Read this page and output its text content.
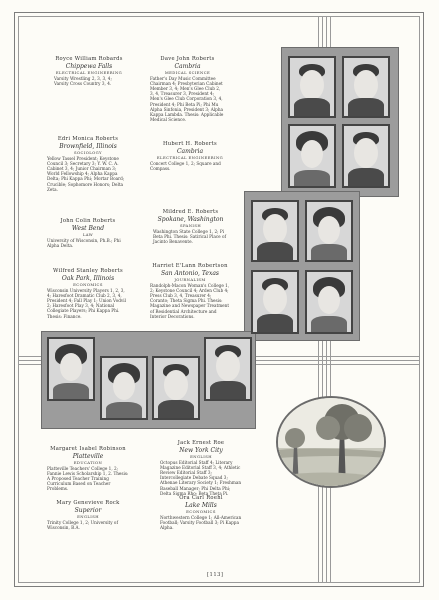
Royce William Robards
Chippewa Falls
ELECTRICAL ENGINEERING
Varsity Wrestling 2, 3, 3, 4; Varsity Cross Country 3, 4.
Dave John Roberts
Cambria
MEDICAL SCIENCE
Father's Day Music Committee Chairman 4; Presbyterian Cabinet Member 3, 4; Men's Glee Club 2, 3, 4, Treasurer 3, President 4; Men's Glee Club Corporation 3, 4, President 4; Phi Beta Pi; Phi Mu Alpha Sinfonia, President 3; Alpha Kappa Lambda. Thesis: Applicable Medical Science.
Edri Monica Roberts
Brownfield, Illinois
SOCIOLOGY
Yellow Tassel President; Keystone Council 3; Secretary 3; Y. W. C. A. Cabinet 3, 4; Junior Chairman 3; World Fellowship 4; Alpha Kappa Delta; Phi Kappa Phi; Mortar Board; Crucible; Sophomore Honors; Delta Zeta.
Hubert H. Roberts
Cambria
ELECTRICAL ENGINEERING
Concert College 1, 2; Square and Compass.
John Colin Roberts
West Bend
LAW
University of Wisconsin, Ph.B.; Phi Alpha Delta.
Mildred E. Roberts
Spokane, Washington
SPANISH
Washington State College 1, 2; Pi Beta Phi. Thesis: Satirical Place of Jacinto Benavente.
Wilfred Stanley Roberts
Oak Park, Illinois
ECONOMICS
Wisconsin University Players 1, 2, 3, 4; Haresfoot Dramatic Club 2, 3, 4, President 4; Fall Play 1; Union Vodvil 2; Haresfoot Play 3, 4; National Collegiate Players; Phi Kappa Phi. Thesis: Finance.
Harriet E'Lann Robertson
San Antonio, Texas
JOURNALISM
Randolph-Macon Woman's College 1, 2; Keystone Council 4; Arden Club 4; Press Club 3, 4, Treasurer 4; Coranto; Theta Sigma Phi. Thesis: Magazine and Newspaper Treatment of Residential Architecture and Interior Decorations.
Margaret Isabel Robinson
Platteville
EDUCATION
Platteville Teachers' College 1, 2; Fannie Lewis Scholarship 1, 2. Thesis: A Proposed Teacher Training Curriculum Based on Teacher Problems.
Jack Ernest Roe
New York City
ENGLISH
Octopus Editorial Staff 4; Literary Magazine Editorial Staff 3, 4; Athletic Review Editorial Staff 3; Intercollegiate Debate Squad 3; Athenae Literary Society 1; Freshman Baseball Manager; Phi Delta Phi; Delta Sigma Rho; Beta Theta Pi.
Mary Genevieve Rock
Superior
ENGLISH
Trinity College 1, 2; University of Wisconsin, B.A.
Ora Carl Roehl
Lake Mills
ECONOMICS
Northwestern College 1; All-American Football; Varsity Football 3; Pi Kappa Alpha.
[113]
